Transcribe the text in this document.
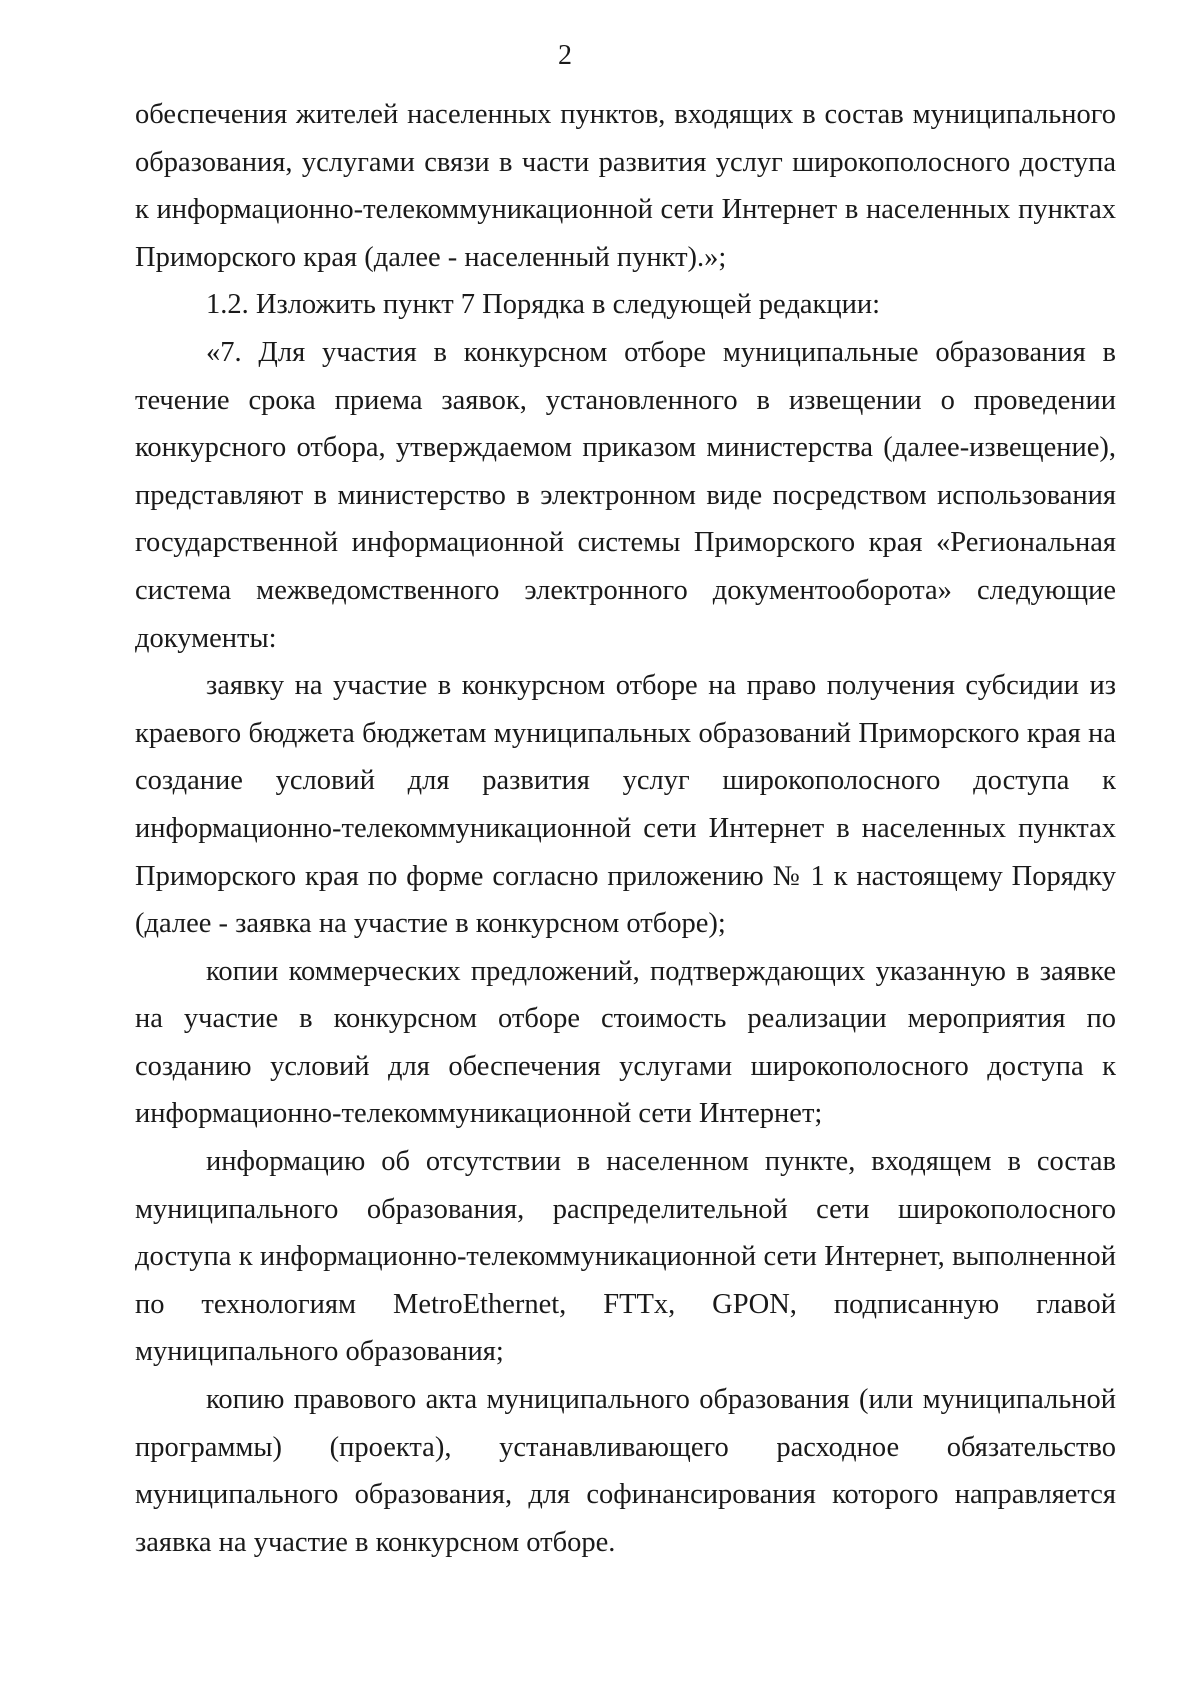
2

обеспечения жителей населенных пунктов, входящих в состав муниципального образования, услугами связи в части развития услуг широкополосного доступа к информационно-телекоммуникационной сети Интернет в населенных пунктах Приморского края (далее - населенный пункт).»;

1.2. Изложить пункт 7 Порядка в следующей редакции:

«7. Для участия в конкурсном отборе муниципальные образования в течение срока приема заявок, установленного в извещении о проведении конкурсного отбора, утверждаемом приказом министерства (далее-извещение), представляют в министерство в электронном виде посредством использования государственной информационной системы Приморского края «Региональная система межведомственного электронного документооборота» следующие документы:

заявку на участие в конкурсном отборе на право получения субсидии из краевого бюджета бюджетам муниципальных образований Приморского края на создание условий для развития услуг широкополосного доступа к информационно-телекоммуникационной сети Интернет в населенных пунктах Приморского края по форме согласно приложению № 1 к настоящему Порядку (далее - заявка на участие в конкурсном отборе);

копии коммерческих предложений, подтверждающих указанную в заявке на участие в конкурсном отборе стоимость реализации мероприятия по созданию условий для обеспечения услугами широкополосного доступа к информационно-телекоммуникационной сети Интернет;

информацию об отсутствии в населенном пункте, входящем в состав муниципального образования, распределительной сети широкополосного доступа к информационно-телекоммуникационной сети Интернет, выполненной по технологиям MetroEthernet, FTTx, GPON, подписанную главой муниципального образования;

копию правового акта муниципального образования (или муниципальной программы) (проекта), устанавливающего расходное обязательство муниципального образования, для софинансирования которого направляется заявка на участие в конкурсном отборе.
